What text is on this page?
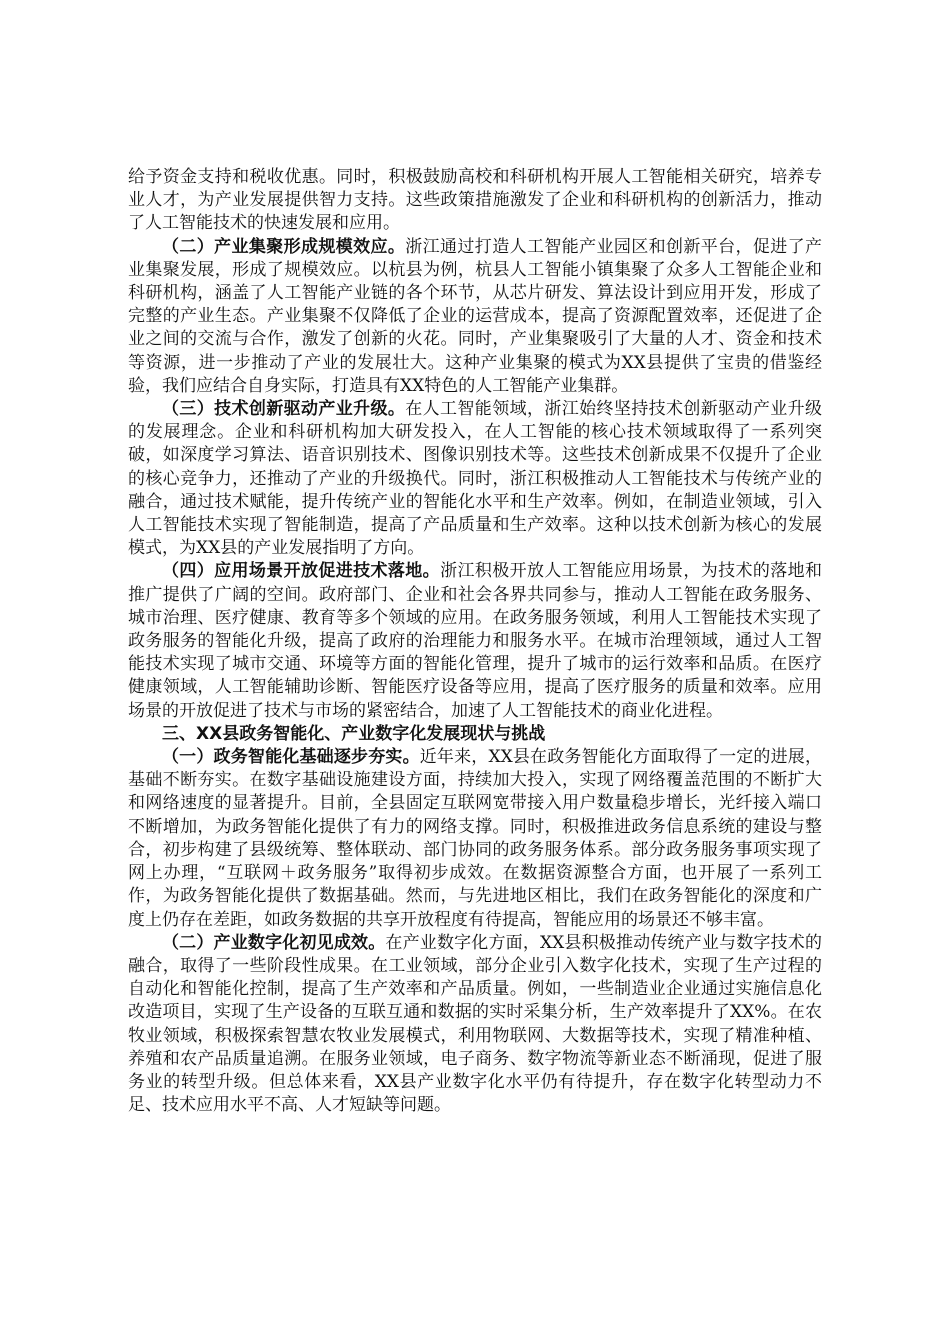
给予资金支持和税收优惠。同时，积极鼓励高校和科研机构开展人工智能相关研究，培养专业人才，为产业发展提供智力支持。这些政策措施激发了企业和科研机构的创新活力，推动了人工智能技术的快速发展和应用。

（二）产业集聚形成规模效应。浙江通过打造人工智能产业园区和创新平台，促进了产业集聚发展，形成了规模效应。以杭县为例，杭县人工智能小镇集聚了众多人工智能企业和科研机构，涵盖了人工智能产业链的各个环节，从芯片研发、算法设计到应用开发，形成了完整的产业生态。产业集聚不仅降低了企业的运营成本，提高了资源配置效率，还促进了企业之间的交流与合作，激发了创新的火花。同时，产业集聚吸引了大量的人才、资金和技术等资源，进一步推动了产业的发展壮大。这种产业集聚的模式为XX县提供了宝贵的借鉴经验，我们应结合自身实际，打造具有XX特色的人工智能产业集群。

（三）技术创新驱动产业升级。在人工智能领域，浙江始终坚持技术创新驱动产业升级的发展理念。企业和科研机构加大研发投入，在人工智能的核心技术领域取得了一系列突破，如深度学习算法、语音识别技术、图像识别技术等。这些技术创新成果不仅提升了企业的核心竞争力，还推动了产业的升级换代。同时，浙江积极推动人工智能技术与传统产业的融合，通过技术赋能，提升传统产业的智能化水平和生产效率。例如，在制造业领域，引入人工智能技术实现了智能制造，提高了产品质量和生产效率。这种以技术创新为核心的发展模式，为XX县的产业发展指明了方向。

（四）应用场景开放促进技术落地。浙江积极开放人工智能应用场景，为技术的落地和推广提供了广阔的空间。政府部门、企业和社会各界共同参与，推动人工智能在政务服务、城市治理、医疗健康、教育等多个领域的应用。在政务服务领域，利用人工智能技术实现了政务服务的智能化升级，提高了政府的治理能力和服务水平。在城市治理领域，通过人工智能技术实现了城市交通、环境等方面的智能化管理，提升了城市的运行效率和品质。在医疗健康领域，人工智能辅助诊断、智能医疗设备等应用，提高了医疗服务的质量和效率。应用场景的开放促进了技术与市场的紧密结合，加速了人工智能技术的商业化进程。

三、XX县政务智能化、产业数字化发展现状与挑战

（一）政务智能化基础逐步夯实。近年来，XX县在政务智能化方面取得了一定的进展，基础不断夯实。在数字基础设施建设方面，持续加大投入，实现了网络覆盖范围的不断扩大和网络速度的显著提升。目前，全县固定互联网宽带接入用户数量稳步增长，光纤接入端口不断增加，为政务智能化提供了有力的网络支撑。同时，积极推进政务信息系统的建设与整合，初步构建了县级统筹、整体联动、部门协同的政务服务体系。部分政务服务事项实现了网上办理，“互联网＋政务服务”取得初步成效。在数据资源整合方面，也开展了一系列工作，为政务智能化提供了数据基础。然而，与先进地区相比，我们在政务智能化的深度和广度上仍存在差距，如政务数据的共享开放程度有待提高，智能应用的场景还不够丰富。

（二）产业数字化初见成效。在产业数字化方面，XX县积极推动传统产业与数字技术的融合，取得了一些阶段性成果。在工业领域，部分企业引入数字化技术，实现了生产过程的自动化和智能化控制，提高了生产效率和产品质量。例如，一些制造业企业通过实施信息化改造项目，实现了生产设备的互联互通和数据的实时采集分析，生产效率提升了XX%。在农牧业领域，积极探索智慧农牧业发展模式，利用物联网、大数据等技术，实现了精准种植、养殖和农产品质量追溯。在服务业领域，电子商务、数字物流等新业态不断涌现，促进了服务业的转型升级。但总体来看，XX县产业数字化水平仍有待提升，存在数字化转型动力不足、技术应用水平不高、人才短缺等问题。
